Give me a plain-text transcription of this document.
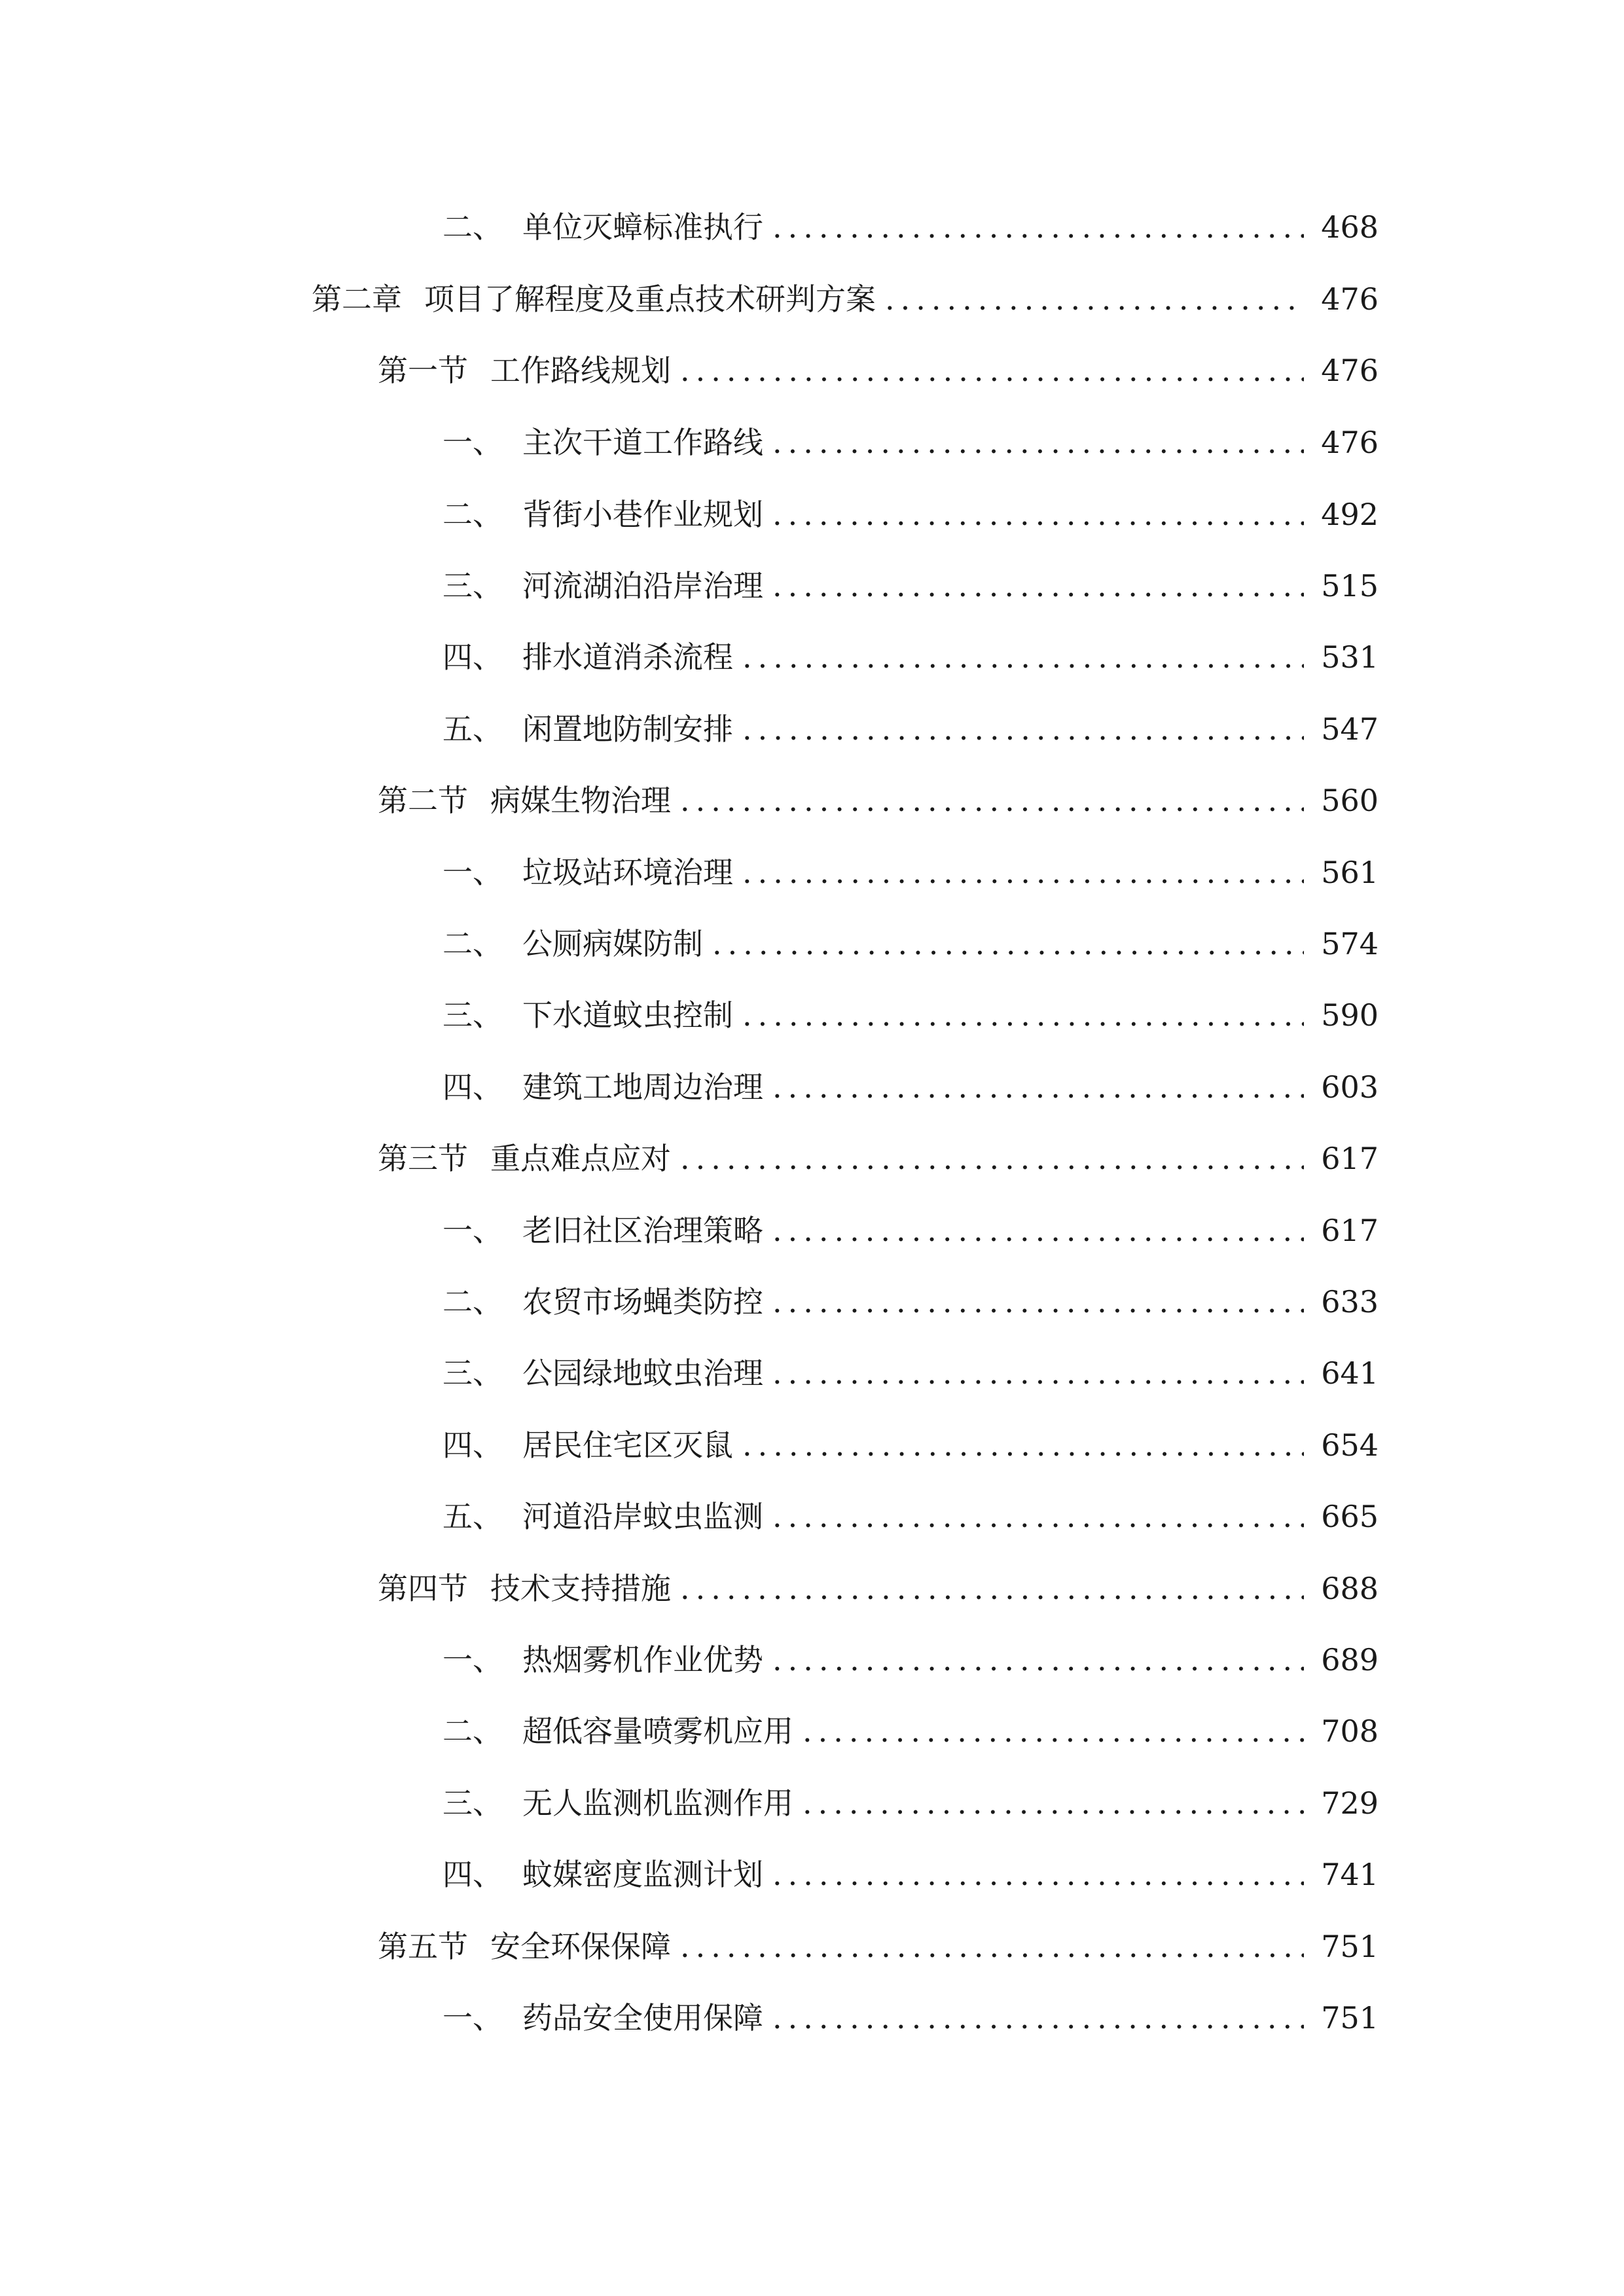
二、 单位灭蟑标准执行 .....	468
第二章 项目了解程度及重点技术研判方案 .....	476
第一节 工作路线规划 .....	476
一、 主次干道工作路线 .....	476
二、 背街小巷作业规划 .....	492
三、 河流湖泊沿岸治理 .....	515
四、 排水道消杀流程 .....	531
五、 闲置地防制安排 .....	547
第二节 病媒生物治理 .....	560
一、 垃圾站环境治理 .....	561
二、 公厕病媒防制 .....	574
三、 下水道蚊虫控制 .....	590
四、 建筑工地周边治理 .....	603
第三节 重点难点应对 .....	617
一、 老旧社区治理策略 .....	617
二、 农贸市场蝇类防控 .....	633
三、 公园绿地蚊虫治理 .....	641
四、 居民住宅区灭鼠 .....	654
五、 河道沿岸蚊虫监测 .....	665
第四节 技术支持措施 .....	688
一、 热烟雾机作业优势 .....	689
二、 超低容量喷雾机应用 .....	708
三、 无人监测机监测作用 .....	729
四、 蚊媒密度监测计划 .....	741
第五节 安全环保保障 .....	751
一、 药品安全使用保障 .....	751
